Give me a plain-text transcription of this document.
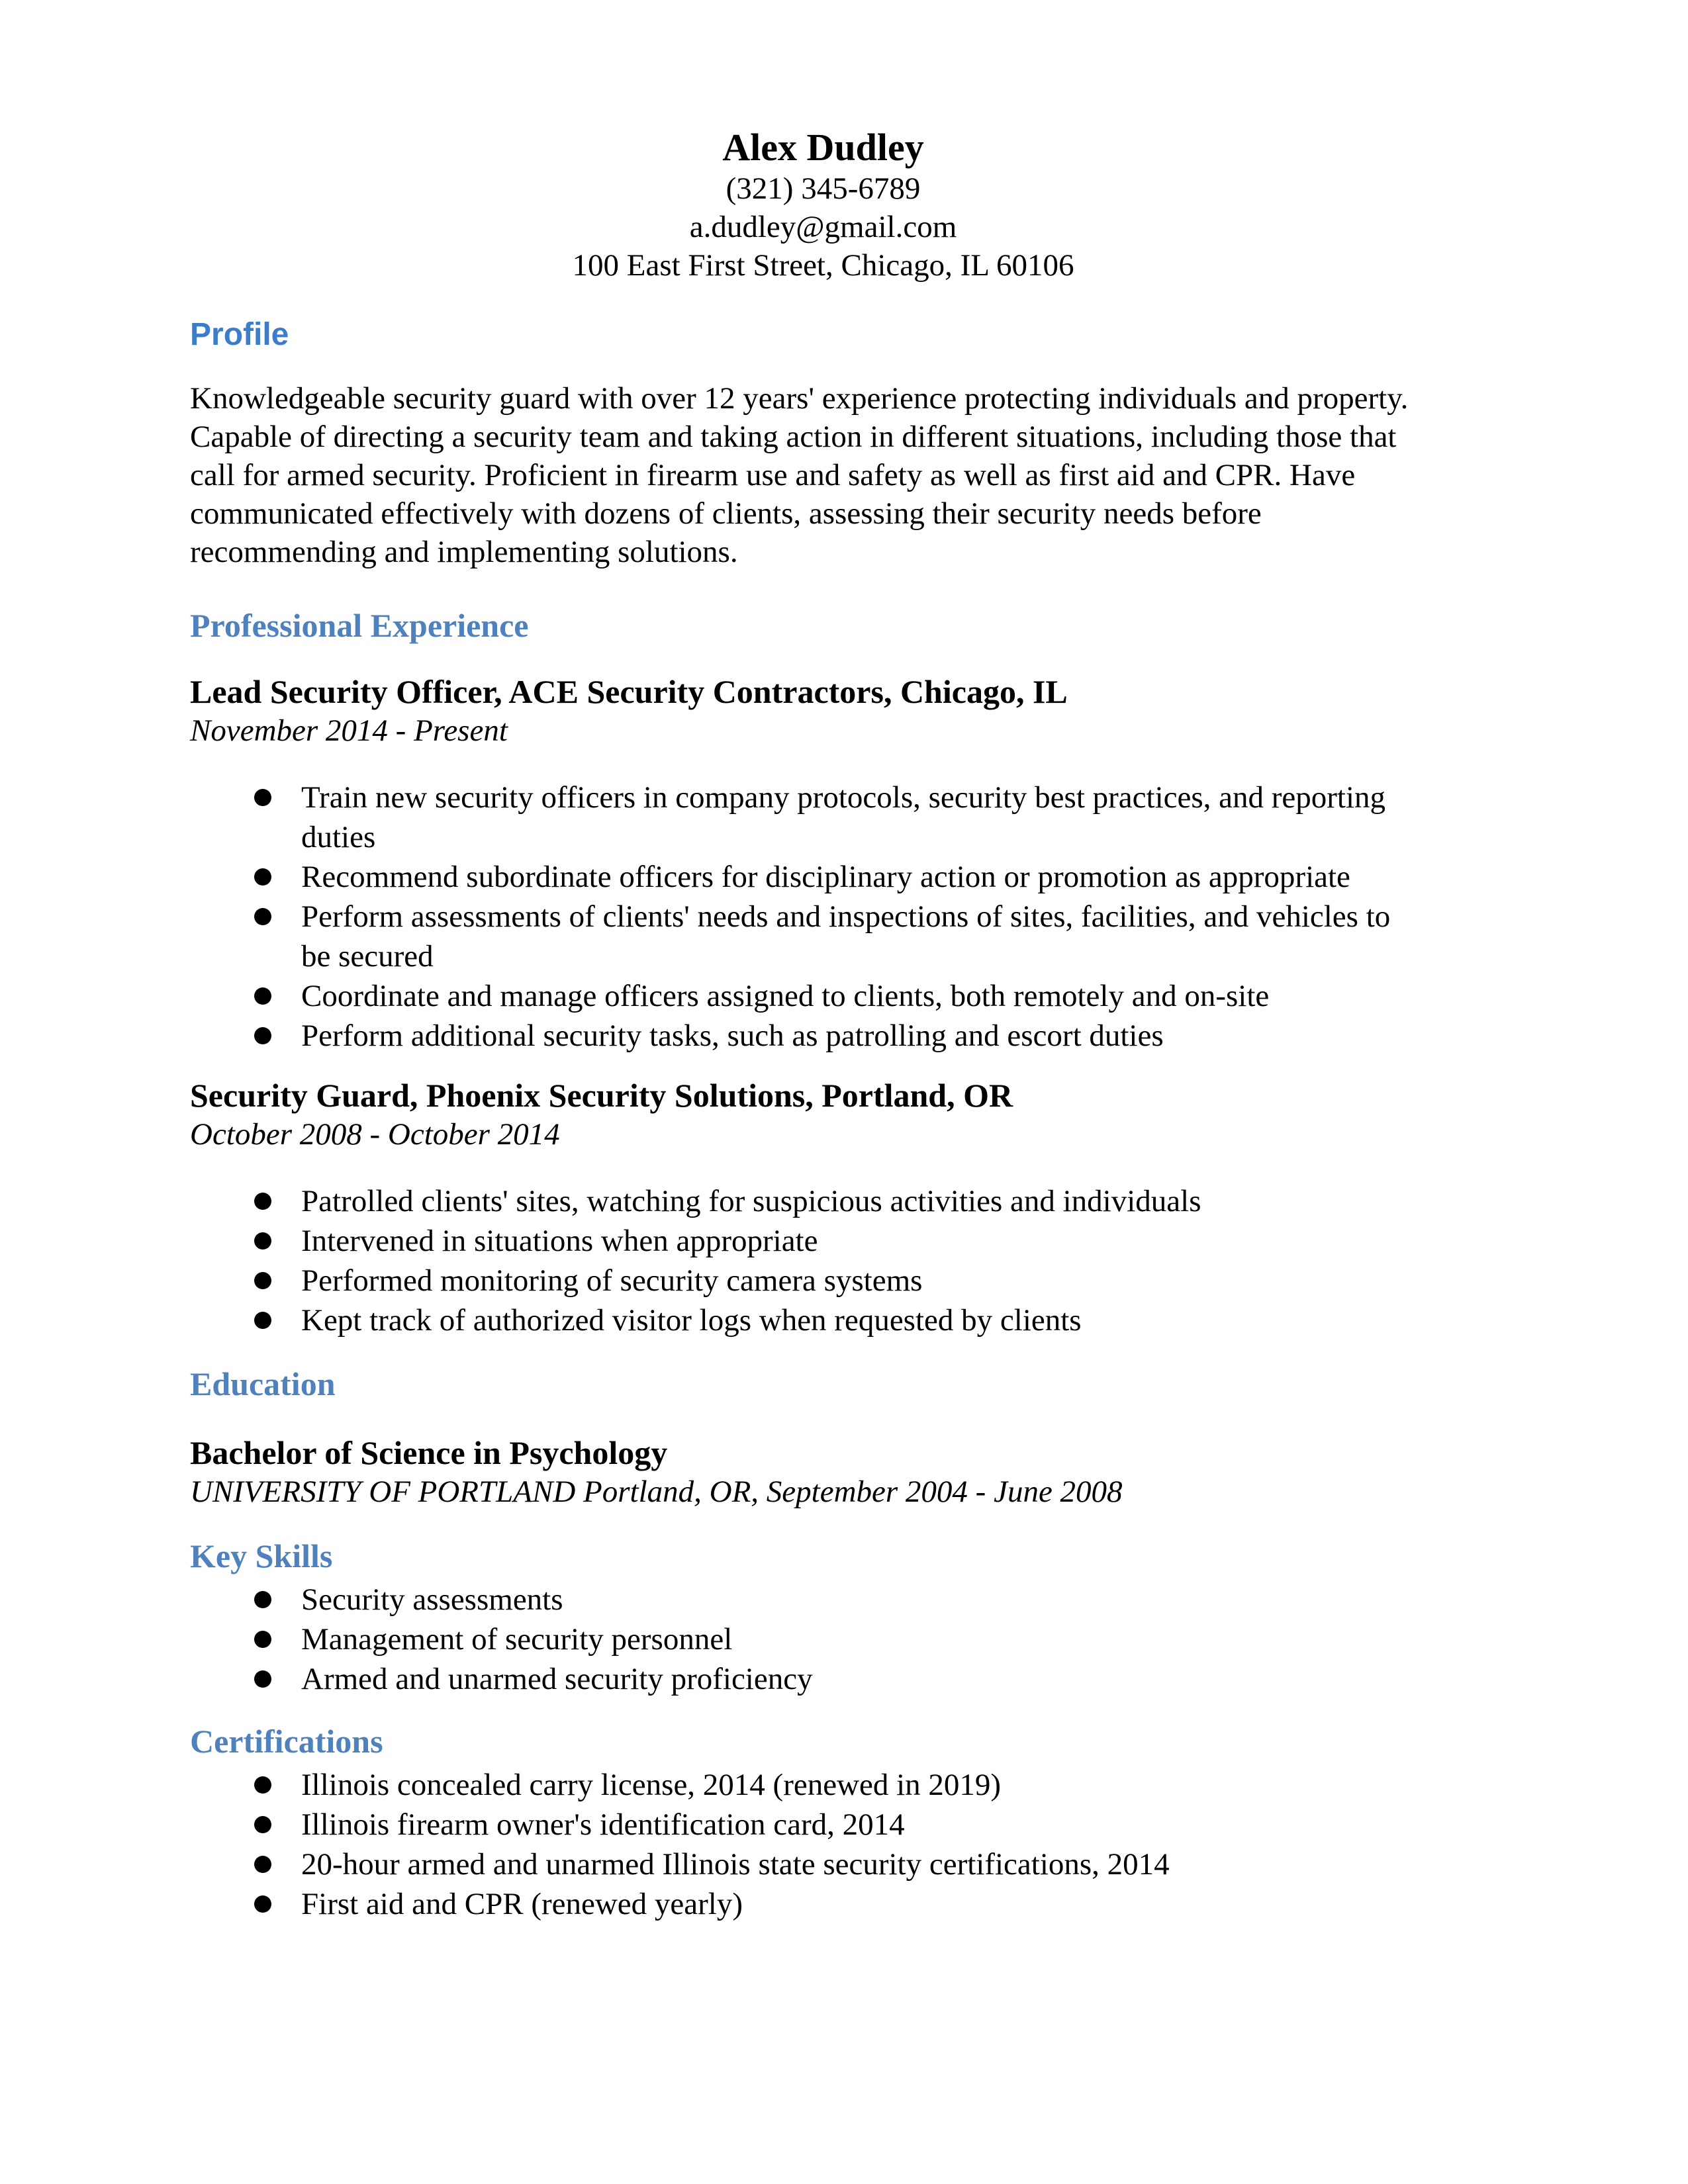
Alex Dudley
(321) 345-6789
a.dudley@gmail.com
100 East First Street, Chicago, IL 60106
Profile
Knowledgeable security guard with over 12 years' experience protecting individuals and property. Capable of directing a security team and taking action in different situations, including those that call for armed security. Proficient in firearm use and safety as well as first aid and CPR. Have communicated effectively with dozens of clients, assessing their security needs before recommending and implementing solutions.
Professional Experience
Lead Security Officer, ACE Security Contractors, Chicago, IL
November 2014 - Present
Train new security officers in company protocols, security best practices, and reporting duties
Recommend subordinate officers for disciplinary action or promotion as appropriate
Perform assessments of clients' needs and inspections of sites, facilities, and vehicles to be secured
Coordinate and manage officers assigned to clients, both remotely and on-site
Perform additional security tasks, such as patrolling and escort duties
Security Guard, Phoenix Security Solutions, Portland, OR
October 2008 - October 2014
Patrolled clients' sites, watching for suspicious activities and individuals
Intervened in situations when appropriate
Performed monitoring of security camera systems
Kept track of authorized visitor logs when requested by clients
Education
Bachelor of Science in Psychology
UNIVERSITY OF PORTLAND Portland, OR, September 2004 - June 2008
Key Skills
Security assessments
Management of security personnel
Armed and unarmed security proficiency
Certifications
Illinois concealed carry license, 2014 (renewed in 2019)
Illinois firearm owner's identification card, 2014
20-hour armed and unarmed Illinois state security certifications, 2014
First aid and CPR (renewed yearly)
